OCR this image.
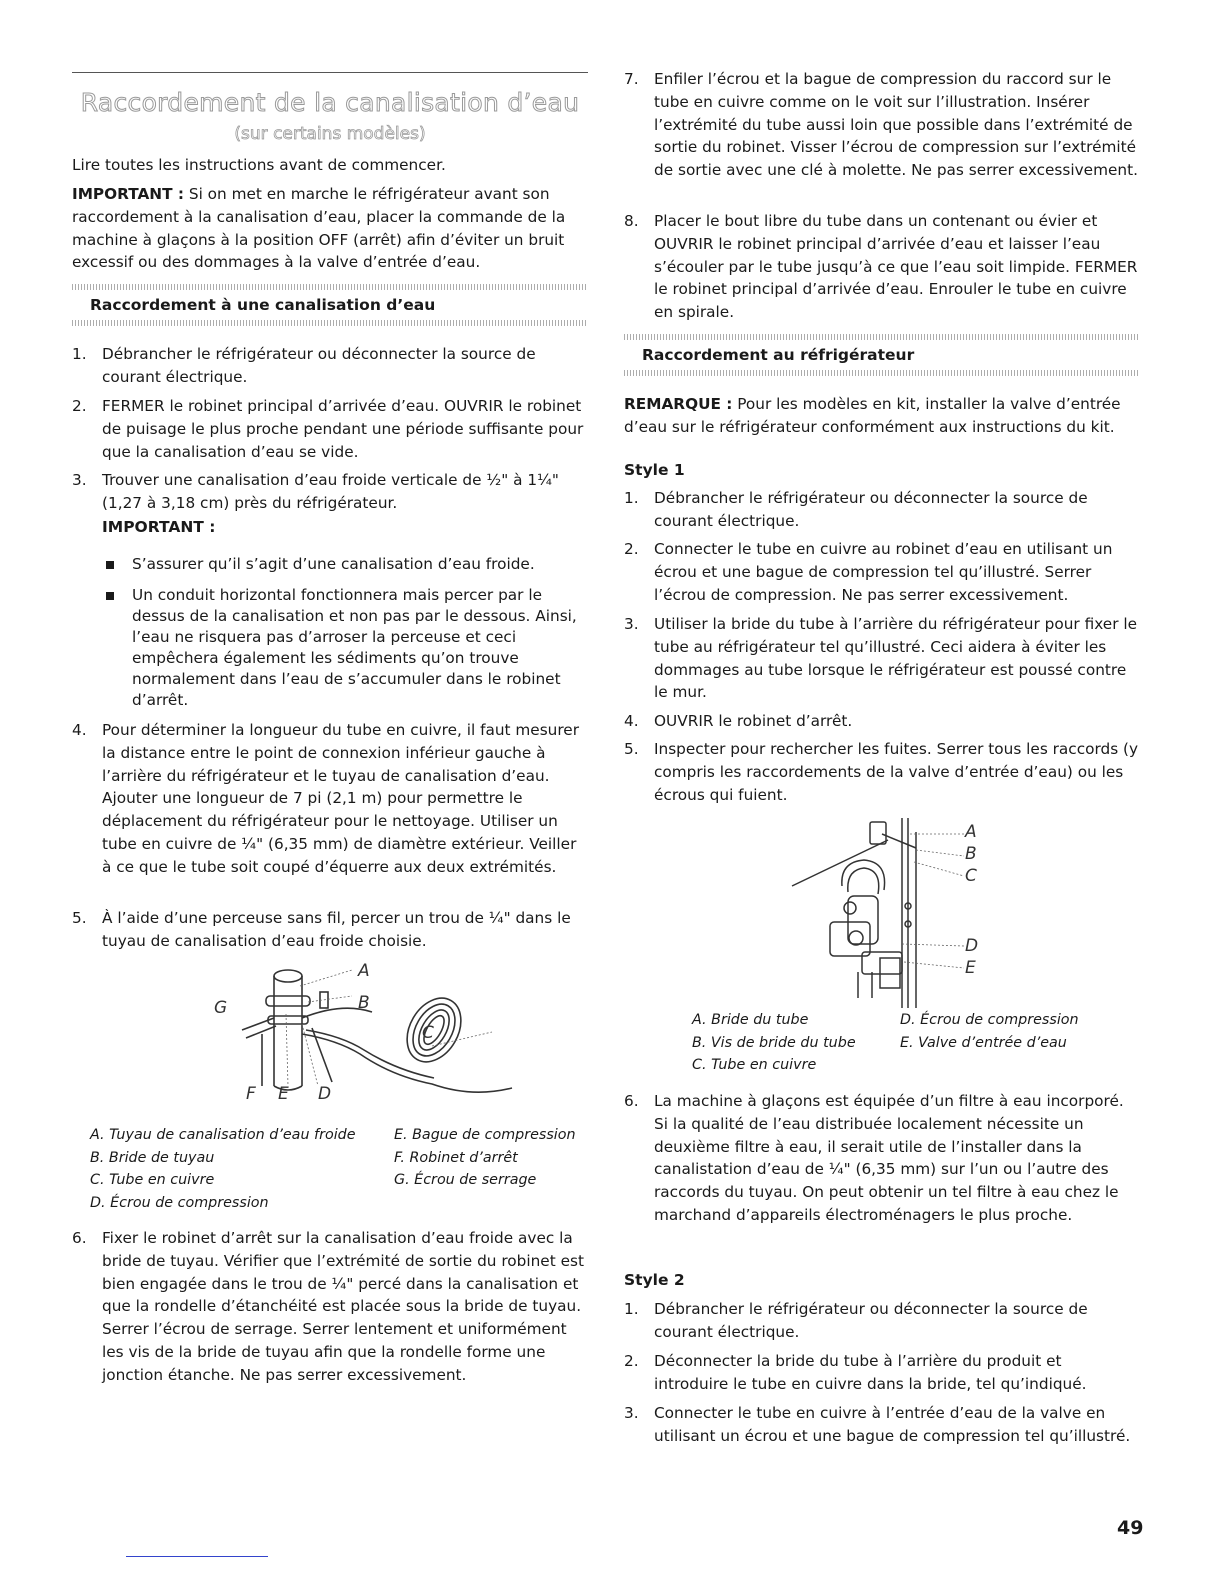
Raccordement de la canalisation d’eau
(sur certains modèles)

Lire toutes les instructions avant de commencer.

IMPORTANT : Si on met en marche le réfrigérateur avant son raccordement à la canalisation d’eau, placer la commande de la machine à glaçons à la position OFF (arrêt) afin d’éviter un bruit excessif ou des dommages à la valve d’entrée d’eau.

Raccordement à une canalisation d’eau
1. Débrancher le réfrigérateur ou déconnecter la source de courant électrique.

2. FERMER le robinet principal d’arrivée d’eau. OUVRIR le robinet de puisage le plus proche pendant une période suffisante pour que la canalisation d’eau se vide.

3. Trouver une canalisation d’eau froide verticale de ½" à 1¼" (1,27 à 3,18 cm) près du réfrigérateur.

IMPORTANT :

S’assurer qu’il s’agit d’une canalisation d’eau froide.

Un conduit horizontal fonctionnera mais percer par le dessus de la canalisation et non pas par le dessous. Ainsi, l’eau ne risquera pas d’arroser la perceuse et ceci empêchera également les sédiments qu’on trouve normalement dans l’eau de s’accumuler dans le robinet d’arrêt.

4. Pour déterminer la longueur du tube en cuivre, il faut mesurer la distance entre le point de connexion inférieur gauche à l’arrière du réfrigérateur et le tuyau de canalisation d’eau. Ajouter une longueur de 7 pi (2,1 m) pour permettre le déplacement du réfrigérateur pour le nettoyage. Utiliser un tube en cuivre de ¼" (6,35 mm) de diamètre extérieur. Veiller à ce que le tube soit coupé d’équerre aux deux extrémités.

5. À l’aide d’une perceuse sans fil, percer un trou de ¼" dans le tuyau de canalisation d’eau froide choisie.

A
B
C
F E D
G
A. Tuyau de canalisation d’eau froide
B. Bride de tuyau
C. Tube en cuivre
D. Écrou de compression
E. Bague de compression
F. Robinet d’arrêt
G. Écrou de serrage
6. Fixer le robinet d’arrêt sur la canalisation d’eau froide avec la bride de tuyau. Vérifier que l’extrémité de sortie du robinet est bien engagée dans le trou de ¼" percé dans la canalisation et que la rondelle d’étanchéité est placée sous la bride de tuyau. Serrer l’écrou de serrage. Serrer lentement et uniformément les vis de la bride de tuyau afin que la rondelle forme une jonction étanche. Ne pas serrer excessivement.

7. Enfiler l’écrou et la bague de compression du raccord sur le tube en cuivre comme on le voit sur l’illustration. Insérer l’extrémité du tube aussi loin que possible dans l’extrémité de sortie du robinet. Visser l’écrou de compression sur l’extrémité de sortie avec une clé à molette. Ne pas serrer excessivement.

8. Placer le bout libre du tube dans un contenant ou évier et OUVRIR le robinet principal d’arrivée d’eau et laisser l’eau s’écouler par le tube jusqu’à ce que l’eau soit limpide. FERMER le robinet principal d’arrivée d’eau. Enrouler le tube en cuivre en spirale.

Raccordement au réfrigérateur

REMARQUE : Pour les modèles en kit, installer la valve d’entrée d’eau sur le réfrigérateur conformément aux instructions du kit.

Style 1
1. Débrancher le réfrigérateur ou déconnecter la source de courant électrique.

2. Connecter le tube en cuivre au robinet d’eau en utilisant un écrou et une bague de compression tel qu’illustré. Serrer l’écrou de compression. Ne pas serrer excessivement.

3. Utiliser la bride du tube à l’arrière du réfrigérateur pour fixer le tube au réfrigérateur tel qu’illustré. Ceci aidera à éviter les dommages au tube lorsque le réfrigérateur est poussé contre le mur.

4. OUVRIR le robinet d’arrêt.

5. Inspecter pour rechercher les fuites. Serrer tous les raccords (y compris les raccordements de la valve d’entrée d’eau) ou les écrous qui fuient.

A
B
C
D
E
A. Bride du tube
B. Vis de bride du tube
C. Tube en cuivre
D. Écrou de compression
E. Valve d’entrée d’eau
6. La machine à glaçons est équipée d’un filtre à eau incorporé. Si la qualité de l’eau distribuée localement nécessite un deuxième filtre à eau, il serait utile de l’installer dans la canalistation d’eau de ¼" (6,35 mm) sur l’un ou l’autre des raccords du tuyau. On peut obtenir un tel filtre à eau chez le marchand d’appareils électroménagers le plus proche.

Style 2
1. Débrancher le réfrigérateur ou déconnecter la source de courant électrique.

2. Déconnecter la bride du tube à l’arrière du produit et introduire le tube en cuivre dans la bride, tel qu’indiqué.

3. Connecter le tube en cuivre à l’entrée d’eau de la valve en utilisant un écrou et une bague de compression tel qu’illustré.

49
